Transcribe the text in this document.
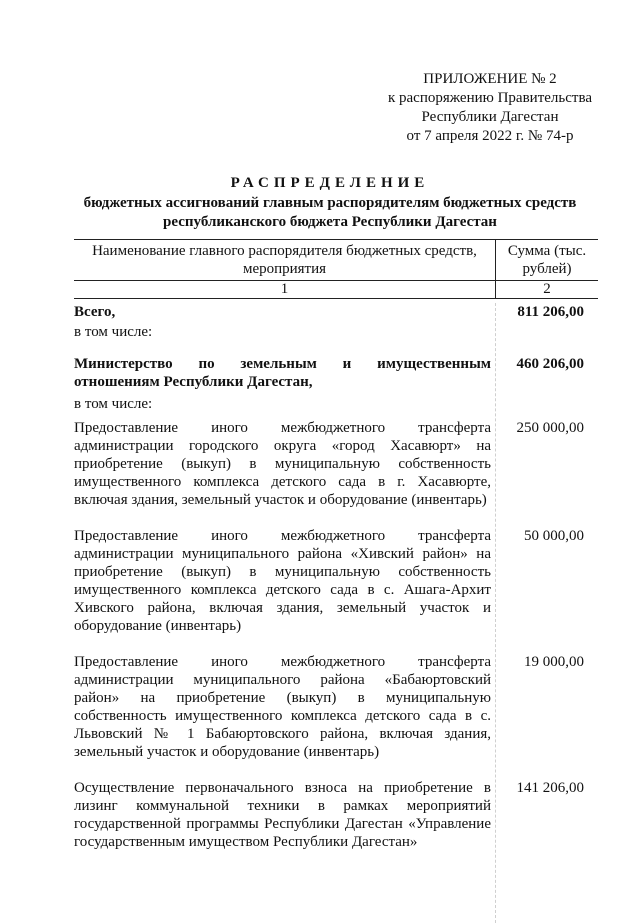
ПРИЛОЖЕНИЕ № 2
к распоряжению Правительства
Республики Дагестан
от 7 апреля 2022 г. № 74-р
РАСПРЕДЕЛЕНИЕ
бюджетных ассигнований главным распорядителям бюджетных средств
республиканского бюджета Республики Дагестан
Наименование главного распорядителя бюджетных средств, мероприятия
Сумма (тыс. рублей)
1	2
Всего,	811 206,00
в том числе:
Министерство по земельным и имущественным отношениям Республики Дагестан,
460 206,00
в том числе:
Предоставление иного межбюджетного трансферта администрации городского округа «город Хасавюрт» на приобретение (выкуп) в муниципальную собственность имущественного комплекса детского сада в г. Хасавюрте, включая здания, земельный участок и оборудование (инвентарь)
250 000,00
Предоставление иного межбюджетного трансферта администрации муниципального района «Хивский район» на приобретение (выкуп) в муниципальную собственность имущественного комплекса детского сада в с. Ашага-Архит Хивского района, включая здания, земельный участок и оборудование (инвентарь)
50 000,00
Предоставление иного межбюджетного трансферта администрации муниципального района «Бабаюртовский район» на приобретение (выкуп) в муниципальную собственность имущественного комплекса детского сада в с. Львовский № 1 Бабаюртовского района, включая здания, земельный участок и оборудование (инвентарь)
19 000,00
Осуществление первоначального взноса на приобретение в лизинг коммунальной техники в рамках мероприятий государственной программы Республики Дагестан «Управление государственным имуществом Республики Дагестан»
141 206,00
